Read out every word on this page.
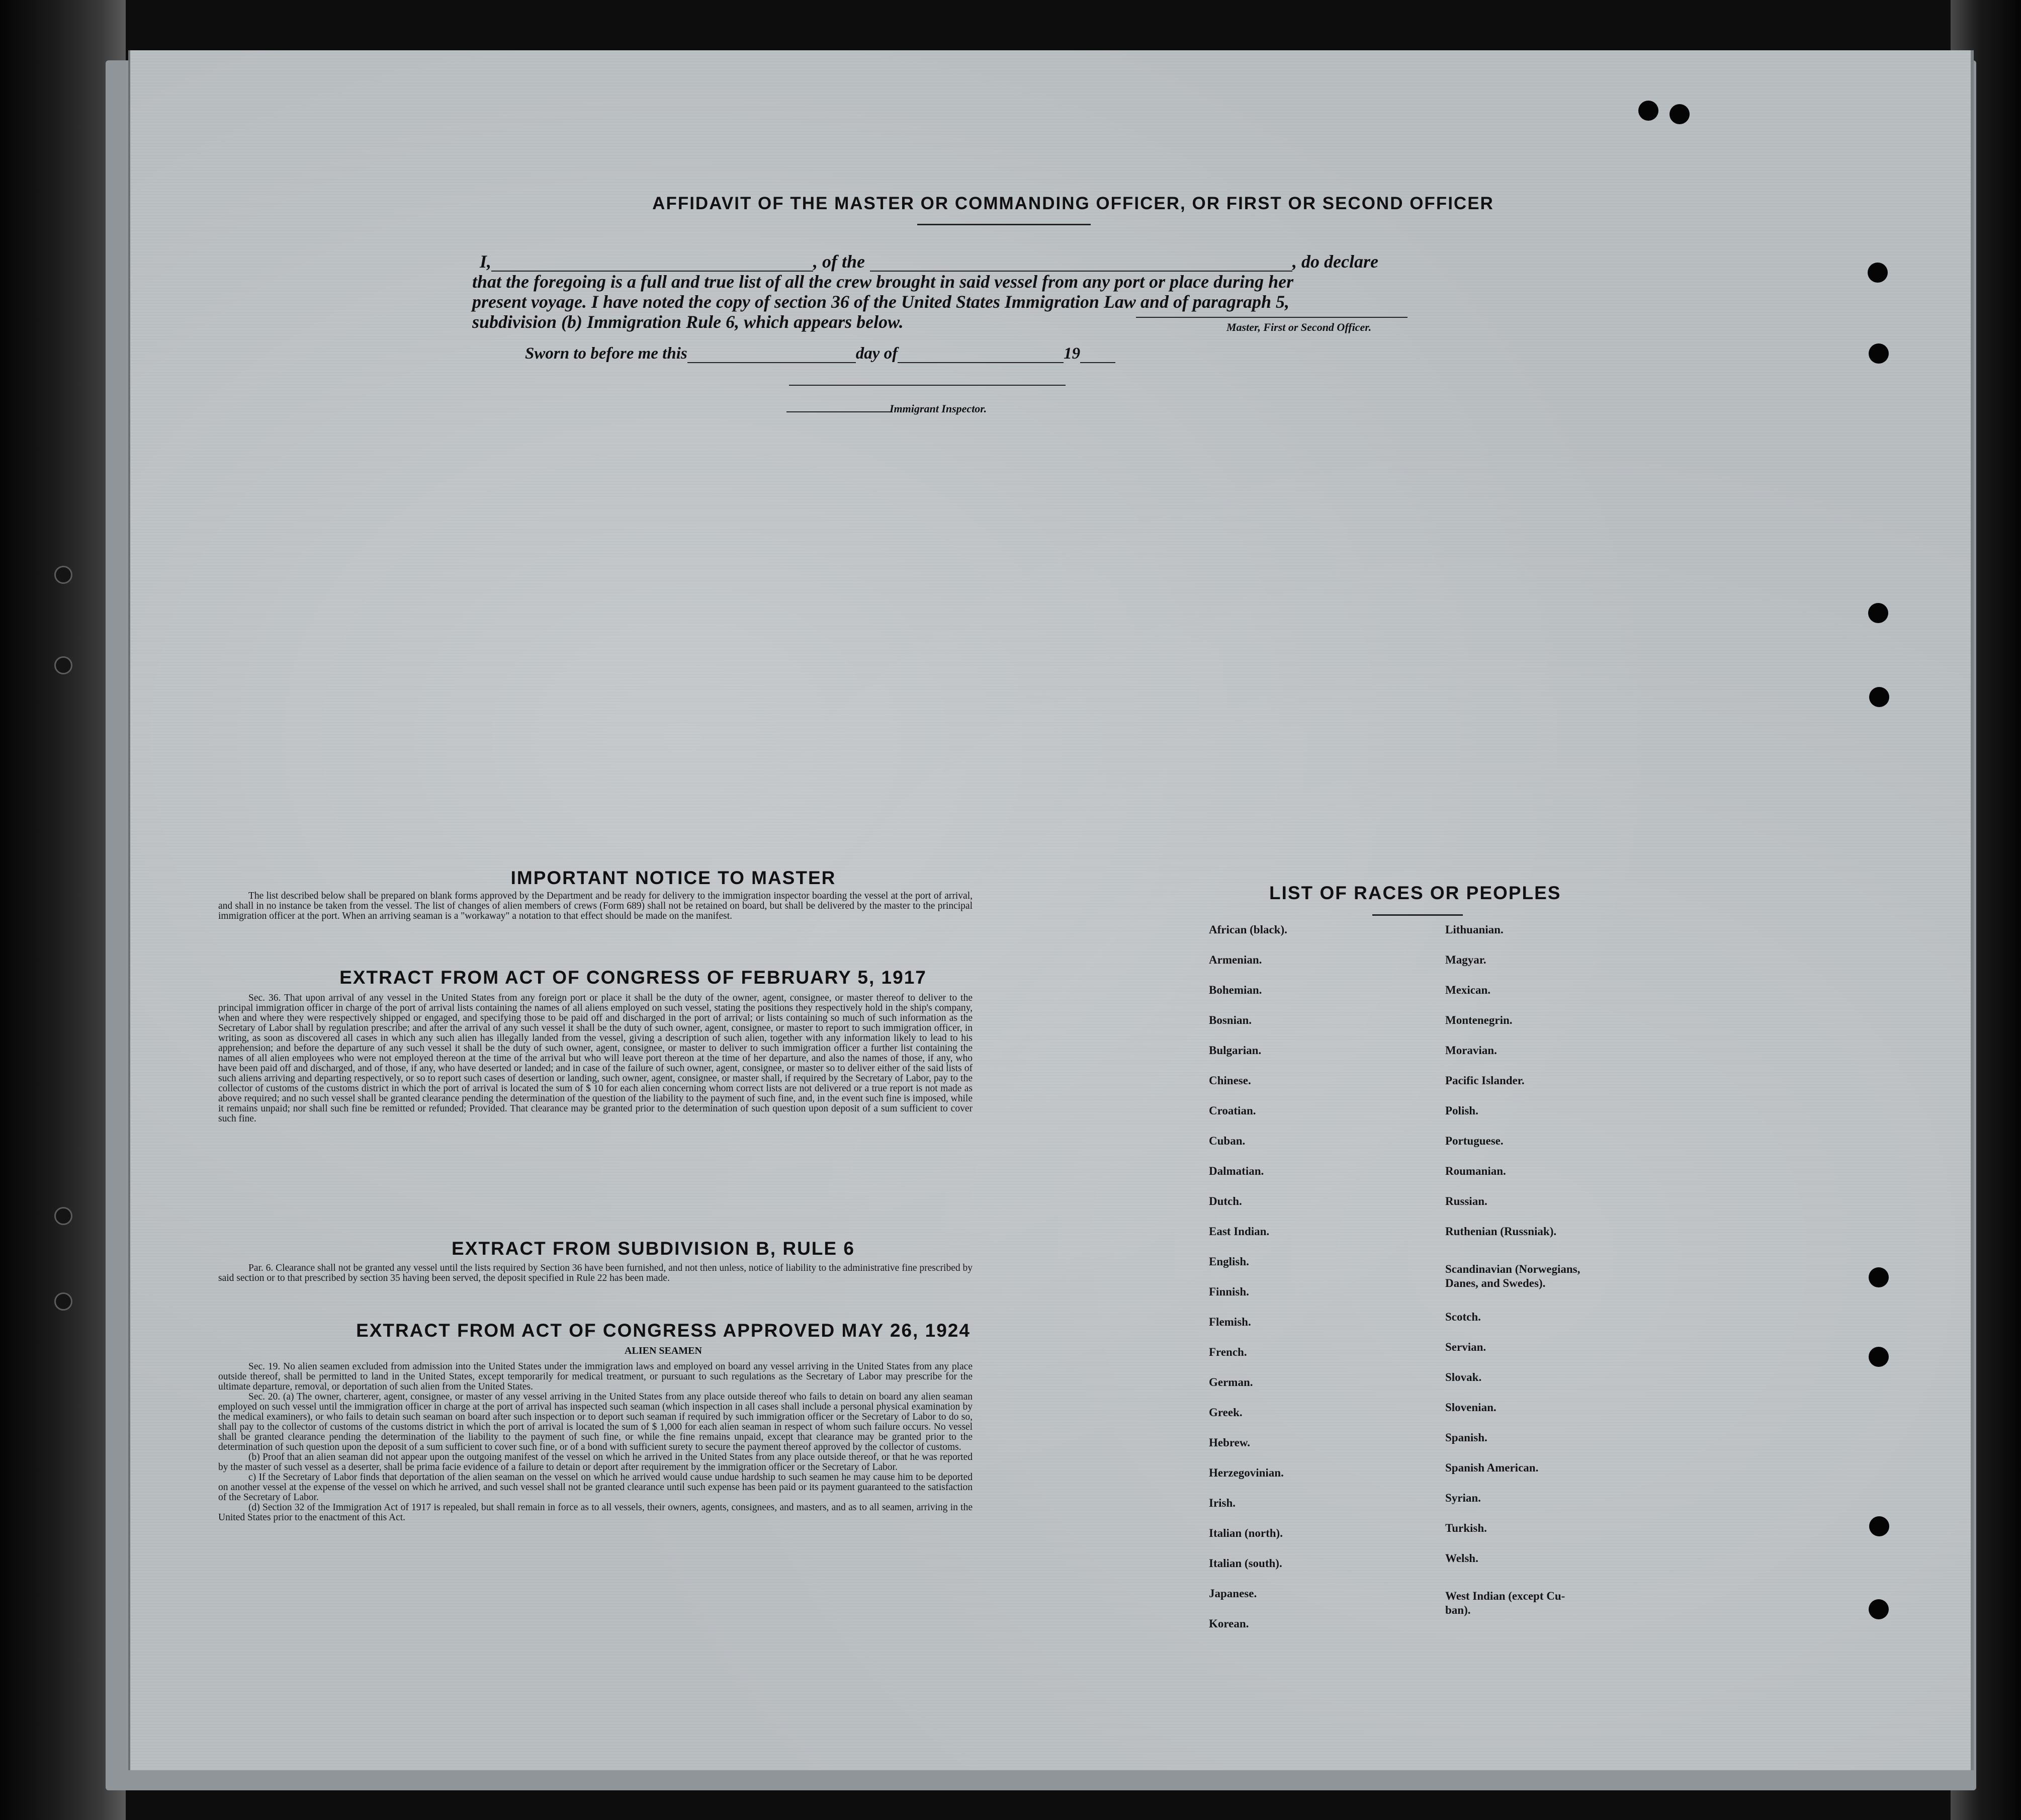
AFFIDAVIT OF THE MASTER OR COMMANDING OFFICER, OR FIRST OR SECOND OFFICER
I,	, of the	, do declare
that the foregoing is a full and true list of all the crew brought in said vessel from any port or place during her
present voyage. I have noted the copy of section 36 of the United States Immigration Law and of paragraph 5,
subdivision (b) Immigration Rule 6, which appears below.	Master, First or Second Officer.
Sworn to before me this	day of	19
Immigrant Inspector.
IMPORTANT NOTICE TO MASTER

The list described below shall be prepared on blank forms approved by the Department and be ready for delivery to the immigration inspector boarding the vessel at the port of arrival, and shall in no instance be taken from the vessel. The list of changes of alien members of crews (Form 689) shall not be retained on board, but shall be delivered by the master to the principal immigration officer at the port. When an arriving seaman is a "workaway" a notation to that effect should be made on the manifest.

EXTRACT FROM ACT OF CONGRESS OF FEBRUARY 5, 1917

Sec. 36. That upon arrival of any vessel in the United States from any foreign port or place it shall be the duty of the owner, agent, consignee, or master thereof to deliver to the principal immigration officer in charge of the port of arrival lists containing the names of all aliens employed on such vessel, stating the positions they respectively hold in the ship's company, when and where they were respectively shipped or engaged, and specifying those to be paid off and discharged in the port of arrival; or lists containing so much of such information as the Secretary of Labor shall by regulation prescribe; and after the arrival of any such vessel it shall be the duty of such owner, agent, consignee, or master to report to such immigration officer, in writing, as soon as discovered all cases in which any such alien has illegally landed from the vessel, giving a description of such alien, together with any information likely to lead to his apprehension; and before the departure of any such vessel it shall be the duty of such owner, agent, consignee, or master to deliver to such immigration officer a further list containing the names of all alien employees who were not employed thereon at the time of the arrival but who will leave port thereon at the time of her departure, and also the names of those, if any, who have been paid off and discharged, and of those, if any, who have deserted or landed; and in case of the failure of such owner, agent, consignee, or master so to deliver either of the said lists of such aliens arriving and departing respectively, or so to report such cases of desertion or landing, such owner, agent, consignee, or master shall, if required by the Secretary of Labor, pay to the collector of customs of the customs district in which the port of arrival is located the sum of $ 10 for each alien concerning whom correct lists are not delivered or a true report is not made as above required; and no such vessel shall be granted clearance pending the determination of the question of the liability to the payment of such fine, and, in the event such fine is imposed, while it remains unpaid; nor shall such fine be remitted or refunded; Provided. That clearance may be granted prior to the determination of such question upon deposit of a sum sufficient to cover such fine.

EXTRACT FROM SUBDIVISION B, RULE 6

Par. 6. Clearance shall not be granted any vessel until the lists required by Section 36 have been furnished, and not then unless, notice of liability to the administrative fine prescribed by said section or to that prescribed by section 35 having been served, the deposit specified in Rule 22 has been made.

EXTRACT FROM ACT OF CONGRESS APPROVED MAY 26, 1924
ALIEN SEAMEN

Sec. 19. No alien seamen excluded from admission into the United States under the immigration laws and employed on board any vessel arriving in the United States from any place outside thereof, shall be permitted to land in the United States, except temporarily for medical treatment, or pursuant to such regulations as the Secretary of Labor may prescribe for the ultimate departure, removal, or deportation of such alien from the United States.

Sec. 20. (a) The owner, charterer, agent, consignee, or master of any vessel arriving in the United States from any place outside thereof who fails to detain on board any alien seaman employed on such vessel until the immigration officer in charge at the port of arrival has inspected such seaman (which inspection in all cases shall include a personal physical examination by the medical examiners), or who fails to detain such seaman on board after such inspection or to deport such seaman if required by such immigration officer or the Secretary of Labor to do so, shall pay to the collector of customs of the customs district in which the port of arrival is located the sum of $ 1,000 for each alien seaman in respect of whom such failure occurs. No vessel shall be granted clearance pending the determination of the liability to the payment of such fine, or while the fine remains unpaid, except that clearance may be granted prior to the determination of such question upon the deposit of a sum sufficient to cover such fine, or of a bond with sufficient surety to secure the payment thereof approved by the collector of customs.

(b) Proof that an alien seaman did not appear upon the outgoing manifest of the vessel on which he arrived in the United States from any place outside thereof, or that he was reported by the master of such vessel as a deserter, shall be prima facie evidence of a failure to detain or deport after requirement by the immigration officer or the Secretary of Labor.

c) If the Secretary of Labor finds that deportation of the alien seaman on the vessel on which he arrived would cause undue hardship to such seamen he may cause him to be deported on another vessel at the expense of the vessel on which he arrived, and such vessel shall not be granted clearance until such expense has been paid or its payment guaranteed to the satisfaction of the Secretary of Labor.

(d) Section 32 of the Immigration Act of 1917 is repealed, but shall remain in force as to all vessels, their owners, agents, consignees, and masters, and as to all seamen, arriving in the United States prior to the enactment of this Act.

LIST OF RACES OR PEOPLES
African (black).
Armenian.
Bohemian.
Bosnian.
Bulgarian.
Chinese.
Croatian.
Cuban.
Dalmatian.
Dutch.
East Indian.
English.
Finnish.
Flemish.
French.
German.
Greek.
Hebrew.
Herzegovinian.
Irish.
Italian (north).
Italian (south).
Japanese.
Korean.
Lithuanian.
Magyar.
Mexican.
Montenegrin.
Moravian.
Pacific Islander.
Polish.
Portuguese.
Roumanian.
Russian.
Ruthenian (Russniak).
Scandinavian (Norwegians,
Danes, and Swedes).
Scotch.
Servian.
Slovak.
Slovenian.
Spanish.
Spanish American.
Syrian.
Turkish.
Welsh.
West Indian (except Cu-
ban).
